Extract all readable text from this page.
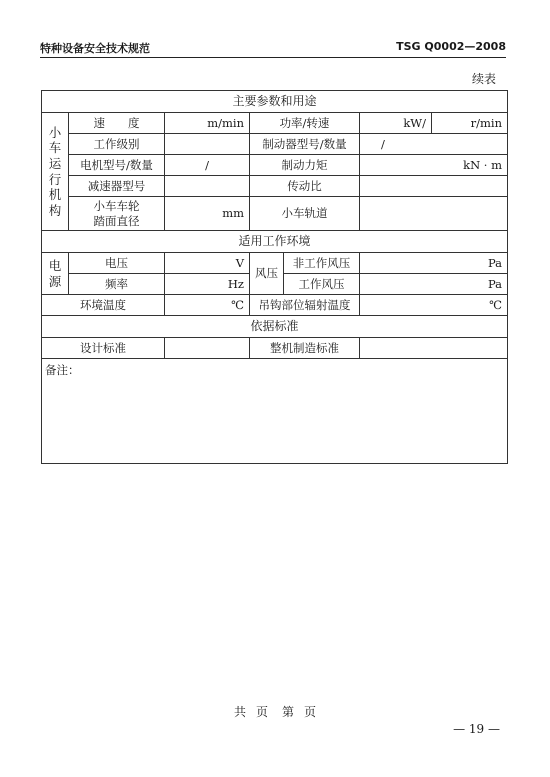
特种设备安全技术规范	TSG Q0002—2008
续表
主要参数和用途						
小车运行机构	速　　度	m/min	功率/转速		kW/	r/min
	工作级别		制动器型号/数量		/	
	电机型号/数量	/	制动力矩		kN · m	
	减速器型号		传动比			

	小车车轮踏面直径	mm	小车轨道			
适用工作环境						
电源	电压	V	风压	非工作风压	Pa	
	频率	Hz		工作风压	Pa	
环境温度		℃	吊钩部位辐射温度		℃	
依据标准						
设计标准			整机制造标准			
备注：						
共 页 第 页
— 19 —
